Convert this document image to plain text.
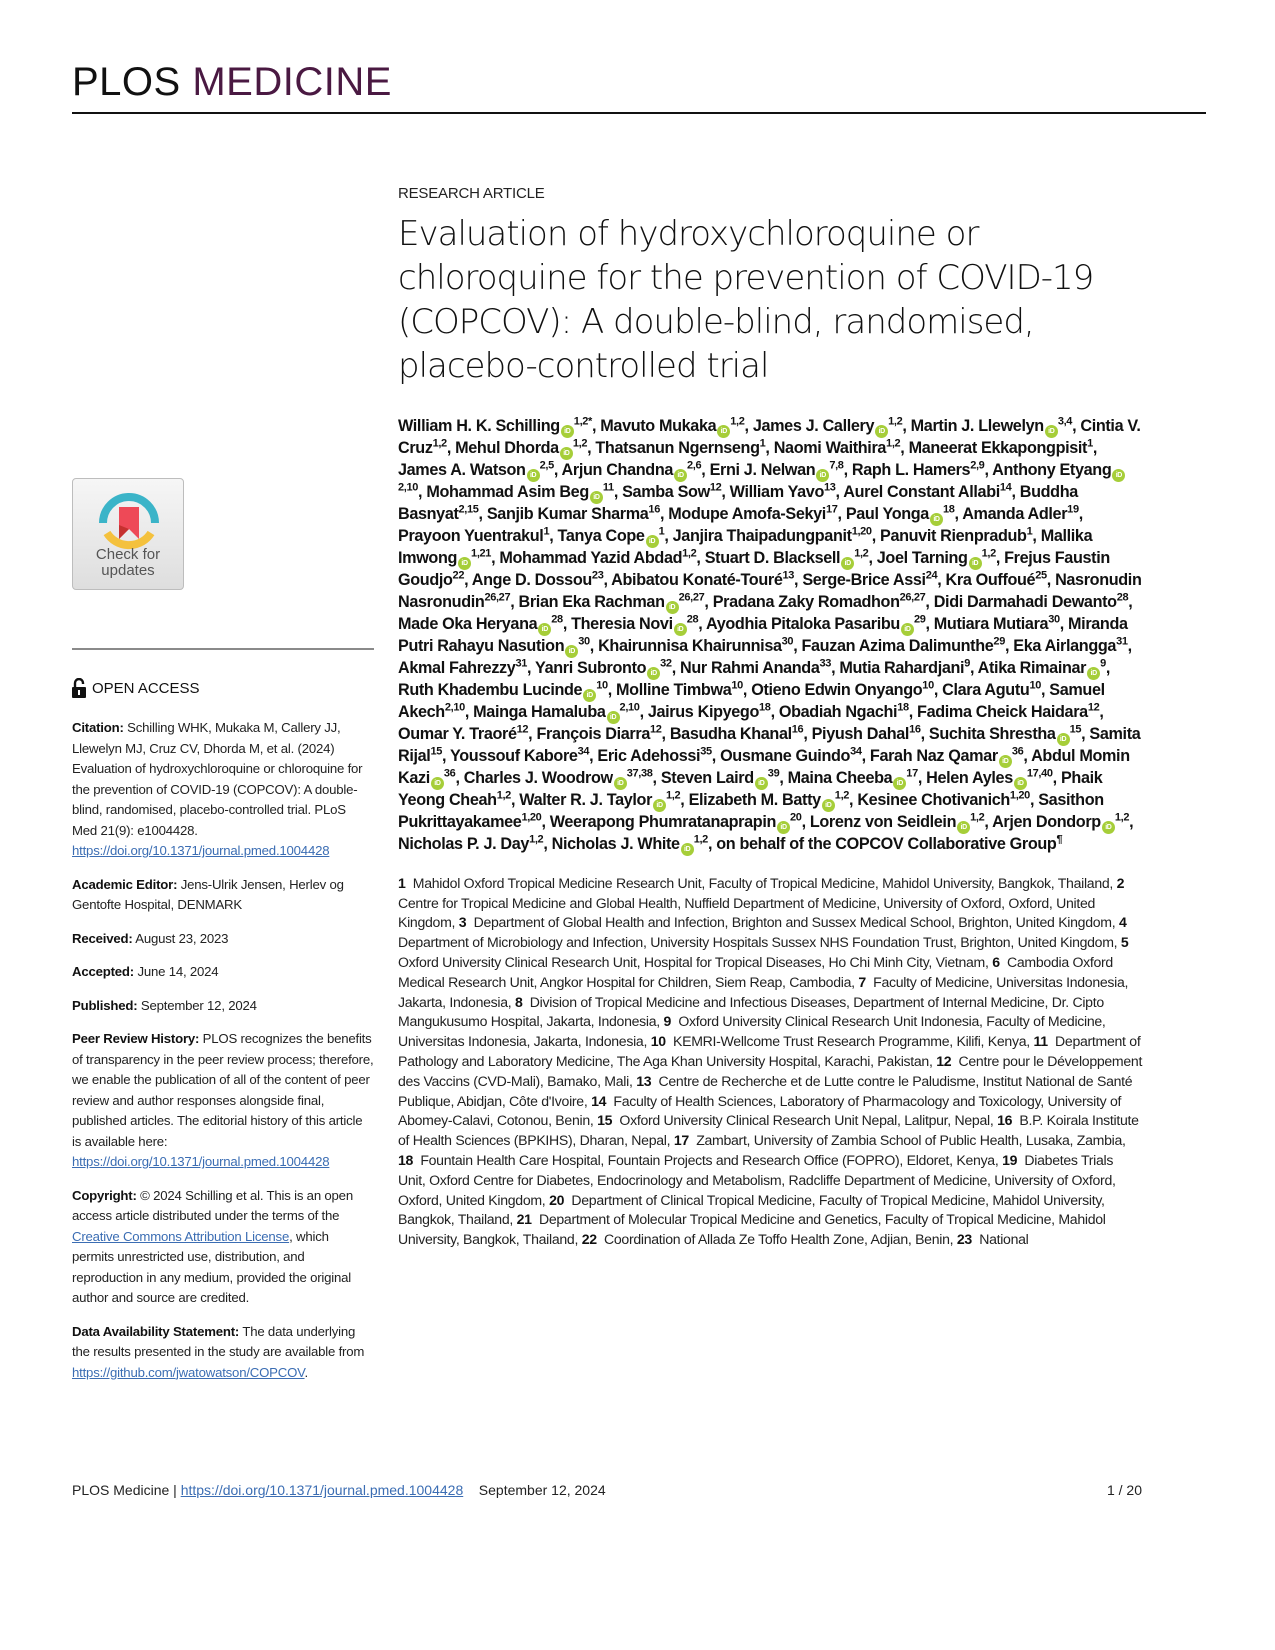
PLOS MEDICINE
Check for
updates
OPEN ACCESS

Citation: Schilling WHK, Mukaka M, Callery JJ, Llewelyn MJ, Cruz CV, Dhorda M, et al. (2024) Evaluation of hydroxychloroquine or chloroquine for the prevention of COVID-19 (COPCOV): A double-blind, randomised, placebo-controlled trial. PLoS Med 21(9): e1004428. https://doi.org/10.1371/journal.pmed.1004428

Academic Editor: Jens-Ulrik Jensen, Herlev og Gentofte Hospital, DENMARK

Received: August 23, 2023

Accepted: June 14, 2024

Published: September 12, 2024

Peer Review History: PLOS recognizes the benefits of transparency in the peer review process; therefore, we enable the publication of all of the content of peer review and author responses alongside final, published articles. The editorial history of this article is available here: https://doi.org/10.1371/journal.pmed.1004428

Copyright: © 2024 Schilling et al. This is an open access article distributed under the terms of the Creative Commons Attribution License, which permits unrestricted use, distribution, and reproduction in any medium, provided the original author and source are credited.

Data Availability Statement: The data underlying the results presented in the study are available from https://github.com/jwatowatson/COPCOV.

RESEARCH ARTICLE
Evaluation of hydroxychloroquine or chloroquine for the prevention of COVID-19 (COPCOV): A double-blind, randomised, placebo-controlled trial
William H. K. Schilling $iD^{1,2*}$, Mavuto Mukaka iD$^{1,2}$, James J. Callery iD$^{1,2}$, Martin J. Llewelyn iD$^{3,4}$, Cintia V. Cruz$^{1,2}$, Mehul Dhorda iD$^{1,2}$, Thatsanun Ngernseng$^1$, Naomi Waithira$^{1,2}$, Maneerat Ekkapongpisit$^1$, James A. Watson iD$^{2,5}$, Arjun Chandna iD$^{2,6}$, Erni J. Nelwan iD$^{7,8}$, Raph L. Hamers$^{2,9}$, Anthony Etyang iD$^{2,10}$, Mohammad Asim Beg $iD^{11}$, Samba Sow$^{12}$, William Yavo$^{13}$, Aurel Constant Allabi$^{14}$, Buddha Basnyat$^{2,15}$, Sanjib Kumar Sharma$^{16}$, Modupe Amofa-Sekyi$^{17}$, Paul Yonga $iD^{18}$, Amanda Adler$^{19}$, Prayoon Yuentrakul$^1$, Tanya Cope $iD^1$, Janjira Thaipadungpanit$^{1,20}$, Panuvit Rienpradub$^1$, Mallika Imwong iD$^{1,21}$, Mohammad Yazid Abdad$^{1,2}$, Stuart D. Blacksell iD$^{1,2}$, Joel Tarning iD$^{1,2}$, Frejus Faustin Goudjo$^{22}$, Ange D. Dossou$^{23}$, Abibatou Konaté-Touré$^{13}$, Serge-Brice Assi$^{24}$, Kra Ouffoué$^{25}$, Nasronudin Nasronudin$^{26,27}$, Brian Eka Rachman iD$^{26,27}$, Pradana Zaky Romadhon$^{26,27}$, Didi Darmahadi Dewanto$^{28}$, Made Oka Heryana $iD^{28}$, Theresia Novi $iD^{28}$, Ayodhia Pitaloka Pasaribu $iD^{29}$, Mutiara Mutiara$^{30}$, Miranda Putri Rahayu Nasution $iD^{30}$, Khairunnisa Khairunnisa$^{30}$, Fauzan Azima Dalimunthe$^{29}$, Eka Airlangga$^{31}$, Akmal Fahrezzy$^{31}$, Yanri Subronto $iD^{32}$, Nur Rahmi Ananda$^{33}$, Mutia Rahardjani$^9$, Atika Rimainar $iD^9$, Ruth Khadembu Lucinde $iD^{10}$, Molline Timbwa$^{10}$, Otieno Edwin Onyango$^{10}$, Clara Agutu$^{10}$, Samuel Akech$^{2,10}$, Mainga Hamaluba iD$^{2,10}$, Jairus Kipyego$^{18}$, Obadiah Ngachi$^{18}$, Fadima Cheick Haidara$^{12}$, Oumar Y. Traoré$^{12}$, François Diarra$^{12}$, Basudha Khanal$^{16}$, Piyush Dahal$^{16}$, Suchita Shrestha $iD^{15}$, Samita Rijal$^{15}$, Youssouf Kabore$^{34}$, Eric Adehossi$^{35}$, Ousmane Guindo$^{34}$, Farah Naz Qamar $iD^{36}$, Abdul Momin Kazi $iD^{36}$, Charles J. Woodrow iD$^{37,38}$, Steven Laird $iD^{39}$, Maina Cheeba $iD^{17}$, Helen Ayles iD$^{17,40}$, Phaik Yeong Cheah$^{1,2}$, Walter R. J. Taylor iD$^{1,2}$, Elizabeth M. Batty iD$^{1,2}$, Kesinee Chotivanich$^{1,20}$, Sasithon Pukrittayakamee$^{1,20}$, Weerapong Phumratanaprapin $iD^{20}$, Lorenz von Seidlein iD$^{1,2}$, Arjen Dondorp iD$^{1,2}$, Nicholas P. J. Day$^{1,2}$, Nicholas J. White iD$^{1,2}$, on behalf of the COPCOV Collaborative Group¶
1 Mahidol Oxford Tropical Medicine Research Unit, Faculty of Tropical Medicine, Mahidol University, Bangkok, Thailand, 2  Centre for Tropical Medicine and Global Health, Nuffield Department of Medicine, University of Oxford, Oxford, United Kingdom, 3 Department of Global Health and Infection, Brighton and Sussex Medical School, Brighton, United Kingdom, 4  Department of Microbiology and Infection, University Hospitals Sussex NHS Foundation Trust, Brighton, United Kingdom, 5  Oxford University Clinical Research Unit, Hospital for Tropical Diseases, Ho Chi Minh City, Vietnam, 6 Cambodia Oxford Medical Research Unit, Angkor Hospital for Children, Siem Reap, Cambodia, 7 Faculty of Medicine, Universitas Indonesia, Jakarta, Indonesia, 8 Division of Tropical Medicine and Infectious Diseases, Department of Internal Medicine, Dr. Cipto Mangukusumo Hospital, Jakarta, Indonesia, 9 Oxford University Clinical Research Unit Indonesia, Faculty of Medicine, Universitas Indonesia, Jakarta, Indonesia, 10 KEMRI-Wellcome Trust Research Programme, Kilifi, Kenya, 11 Department of Pathology and Laboratory Medicine, The Aga Khan University Hospital, Karachi, Pakistan, 12 Centre pour le Développement des Vaccins (CVD-Mali), Bamako, Mali, 13 Centre de Recherche et de Lutte contre le Paludisme, Institut National de Santé Publique, Abidjan, Côte d'Ivoire, 14 Faculty of Health Sciences, Laboratory of Pharmacology and Toxicology, University of Abomey-Calavi, Cotonou, Benin, 15 Oxford University Clinical Research Unit Nepal, Lalitpur, Nepal, 16 B.P. Koirala Institute of Health Sciences (BPKIHS), Dharan, Nepal, 17 Zambart, University of Zambia School of Public Health, Lusaka, Zambia, 18 Fountain Health Care Hospital, Fountain Projects and Research Office (FOPRO), Eldoret, Kenya, 19 Diabetes Trials Unit, Oxford Centre for Diabetes, Endocrinology and Metabolism, Radcliffe Department of Medicine, University of Oxford, Oxford, United Kingdom, 20 Department of Clinical Tropical Medicine, Faculty of Tropical Medicine, Mahidol University, Bangkok, Thailand, 21 Department of Molecular Tropical Medicine and Genetics, Faculty of Tropical Medicine, Mahidol University, Bangkok, Thailand, 22 Coordination of Allada Ze Toffo Health Zone, Adjian, Benin, 23 National
PLOS Medicine | https://doi.org/10.1371/journal.pmed.1004428 September 12, 2024	1 / 20
